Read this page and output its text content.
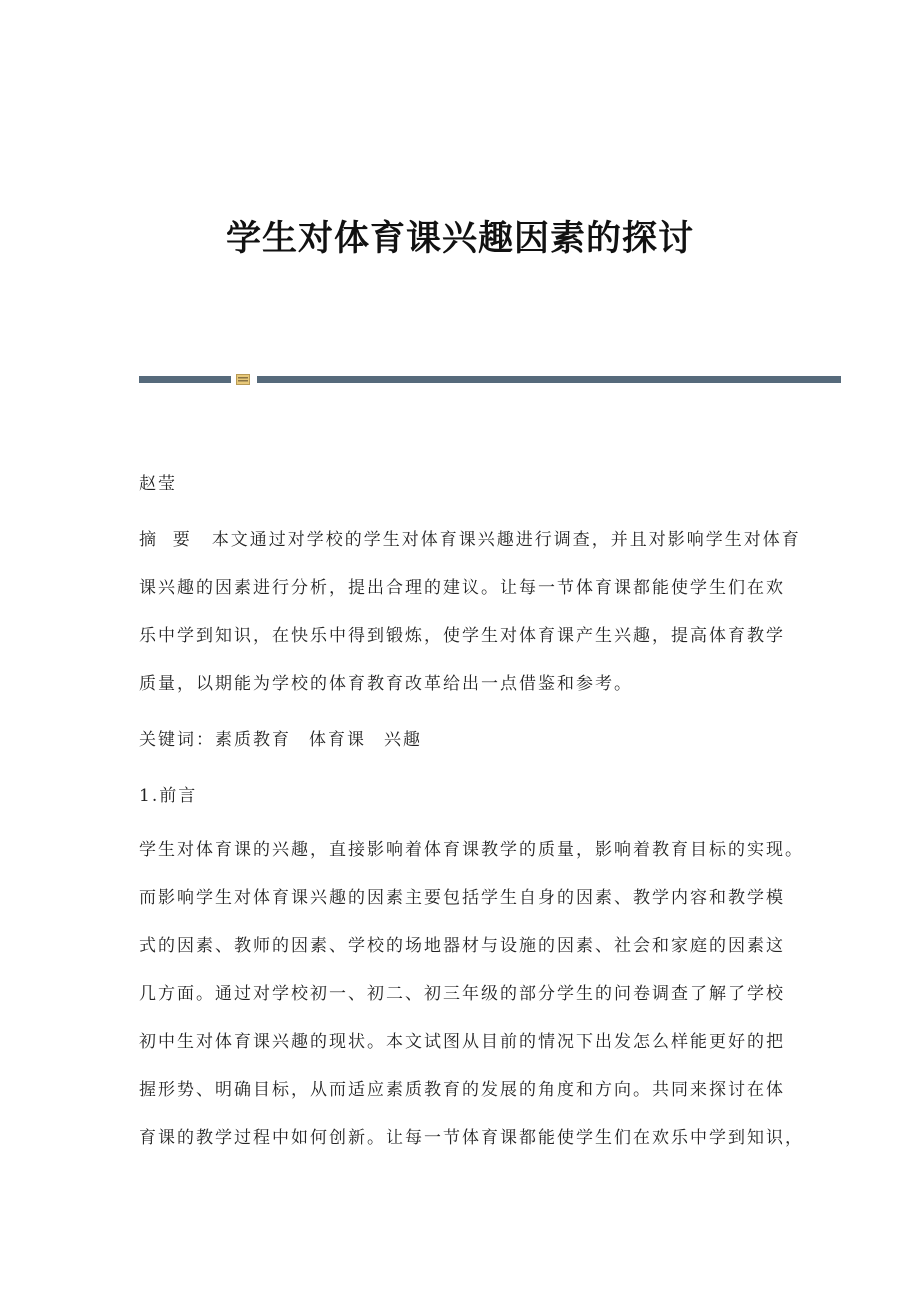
学生对体育课兴趣因素的探讨
赵莹
摘  要 本文通过对学校的学生对体育课兴趣进行调查，并且对影响学生对体育
课兴趣的因素进行分析，提出合理的建议。让每一节体育课都能使学生们在欢
乐中学到知识，在快乐中得到锻炼，使学生对体育课产生兴趣，提高体育教学
质量，以期能为学校的体育教育改革给出一点借鉴和参考。
关键词：素质教育 体育课 兴趣
1.前言
学生对体育课的兴趣，直接影响着体育课教学的质量，影响着教育目标的实现。
而影响学生对体育课兴趣的因素主要包括学生自身的因素、教学内容和教学模
式的因素、教师的因素、学校的场地器材与设施的因素、社会和家庭的因素这
几方面。通过对学校初一、初二、初三年级的部分学生的问卷调查了解了学校
初中生对体育课兴趣的现状。本文试图从目前的情况下出发怎么样能更好的把
握形势、明确目标，从而适应素质教育的发展的角度和方向。共同来探讨在体
育课的教学过程中如何创新。让每一节体育课都能使学生们在欢乐中学到知识，
